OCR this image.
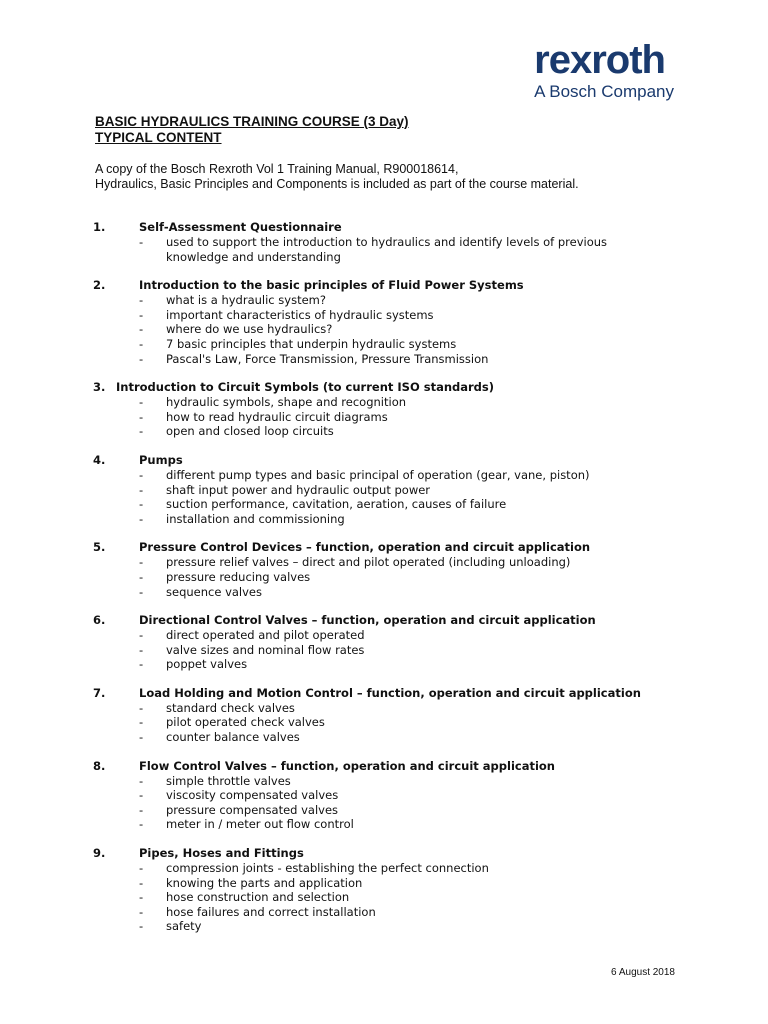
rexroth
A Bosch Company
BASIC HYDRAULICS TRAINING COURSE (3 Day)
TYPICAL CONTENT
A copy of the Bosch Rexroth Vol 1 Training Manual, R900018614,
Hydraulics, Basic Principles and Components is included as part of the course material.
1.	Self-Assessment Questionnaire
-	used to support the introduction to hydraulics and identify levels of previous knowledge and understanding
2.	Introduction to the basic principles of Fluid Power Systems
-	what is a hydraulic system?
-	important characteristics of hydraulic systems
-	where do we use hydraulics?
-	7 basic principles that underpin hydraulic systems
-	Pascal's Law, Force Transmission, Pressure Transmission
3. Introduction to Circuit Symbols (to current ISO standards)
-	hydraulic symbols, shape and recognition
-	how to read hydraulic circuit diagrams
-	open and closed loop circuits
4.	Pumps
-	different pump types and basic principal of operation (gear, vane, piston)
-	shaft input power and hydraulic output power
-	suction performance, cavitation, aeration, causes of failure
-	installation and commissioning
5.	Pressure Control Devices – function, operation and circuit application
-	pressure relief valves – direct and pilot operated (including unloading)
-	pressure reducing valves
-	sequence valves
6.	Directional Control Valves – function, operation and circuit application
-	direct operated and pilot operated
-	valve sizes and nominal flow rates
-	poppet valves
7.	Load Holding and Motion Control – function, operation and circuit application
-	standard check valves
-	pilot operated check valves
-	counter balance valves
8.	Flow Control Valves – function, operation and circuit application
-	simple throttle valves
-	viscosity compensated valves
-	pressure compensated valves
-	meter in / meter out flow control
9.	Pipes, Hoses and Fittings
-	compression joints - establishing the perfect connection
-	knowing the parts and application
-	hose construction and selection
-	hose failures and correct installation
-	safety
6 August 2018
